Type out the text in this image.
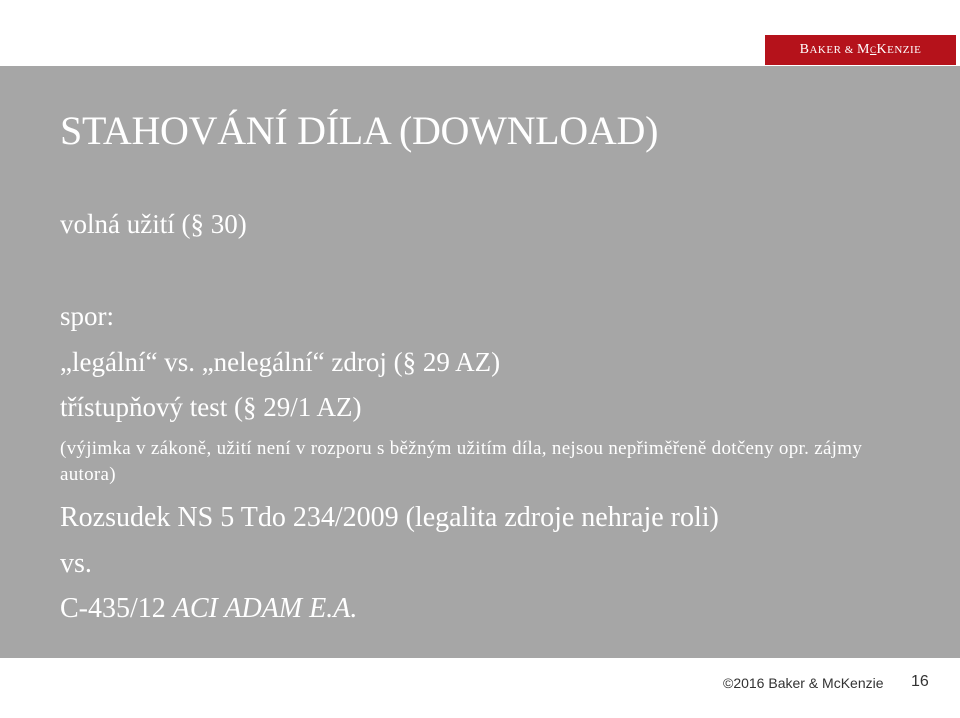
B AKER & M C K ENZIE
STAHOVÁNÍ DÍLA (DOWNLOAD)
volná užití (§ 30)
spor:
„legální“ vs. „nelegální“ zdroj (§ 29 AZ)
třístupňový test (§ 29/1 AZ)
(výjimka v zákoně, užití není v rozporu s běžným užitím díla, nejsou nepřiměřeně dotčeny opr. zájmy autora)
Rozsudek NS 5 Tdo 234/2009 (legalita zdroje nehraje roli)
vs.
C-435/12 ACI ADAM E.A.
©2016 Baker & McKenzie 16
